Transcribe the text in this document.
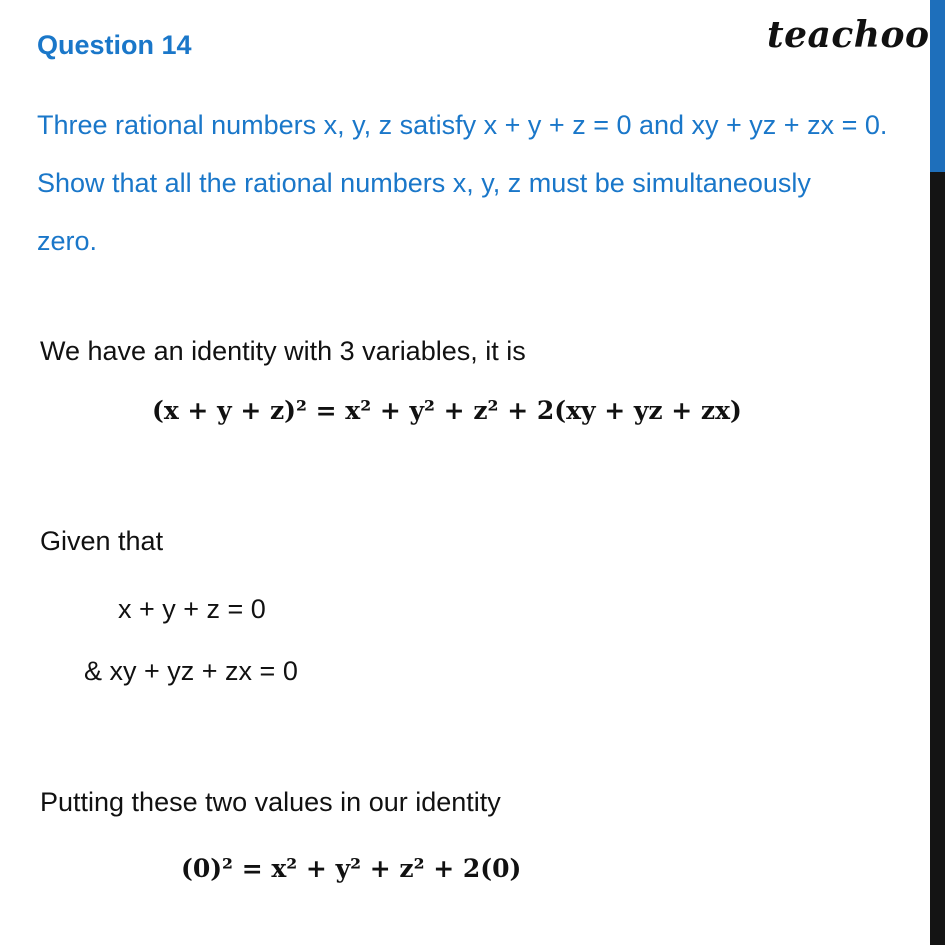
Question 14	teachoo
Three rational numbers x, y, z satisfy x + y + z = 0 and xy + yz + zx = 0.
Show that all the rational numbers x, y, z must be simultaneously
zero.
We have an identity with 3 variables, it is
(x + y + z)² = x² + y² + z² + 2(xy + yz + zx)
Given that
x + y + z = 0
& xy + yz + zx = 0
Putting these two values in our identity
(0)² = x² + y² + z² + 2(0)
